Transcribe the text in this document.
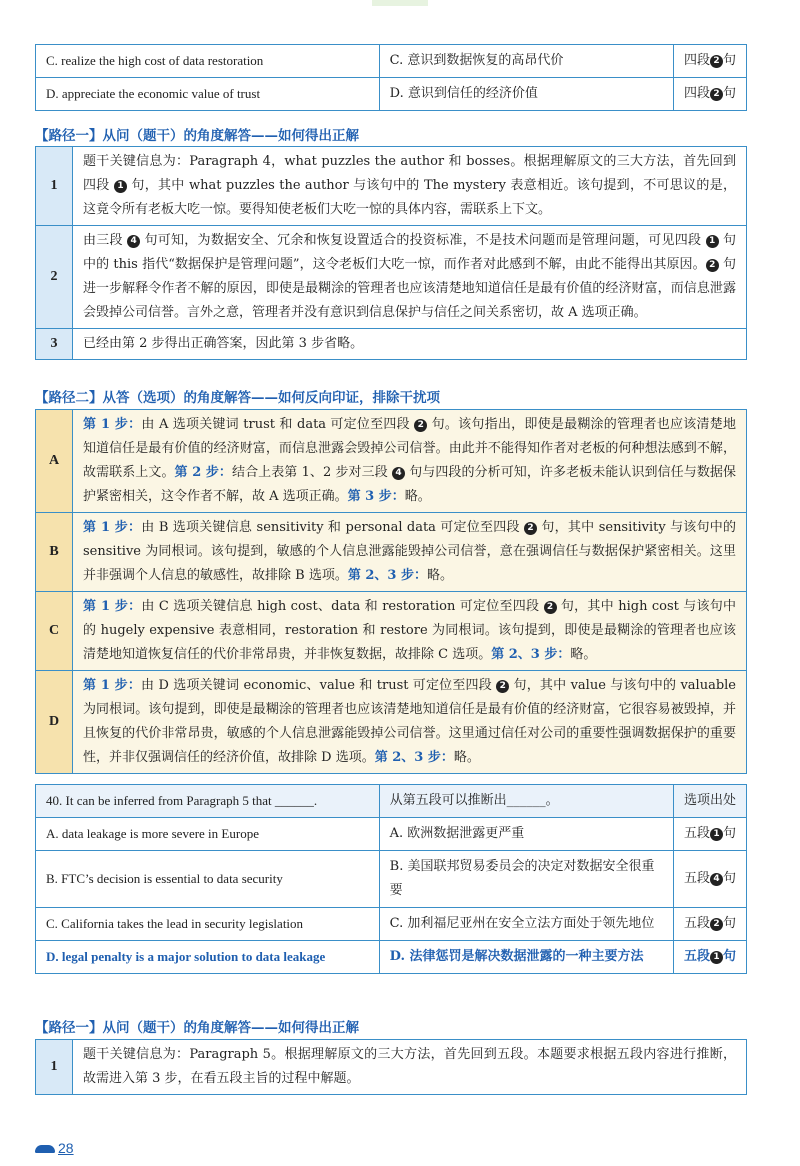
C. realize the high cost of data restoration	C. 意识到数据恢复的高昂代价	四段 2 句
D. appreciate the economic value of trust	D. 意识到信任的经济价值	四段 2 句

【路径一】从问（题干）的角度解答——如何得出正解

1	题干关键信息为：Paragraph 4，what puzzles the author 和 bosses。根据理解原文的三大方法，首先回到四段 1 句，其中 what puzzles the author 与该句中的 The mystery 表意相近。该句提到，不可思议的是，这竟令所有老板大吃一惊。要得知使老板们大吃一惊的具体内容，需联系上下文。
2	由三段 4 句可知，为数据安全、冗余和恢复设置适合的投资标准，不是技术问题而是管理问题，可见四段 1 句中的 this 指代“数据保护是管理问题”，这令老板们大吃一惊，而作者对此感到不解，由此不能得出其原因。 2 句进一步解释令作者不解的原因，即使是最糊涂的管理者也应该清楚地知道信任是最有价值的经济财富，而信息泄露会毁掉公司信誉。言外之意，管理者并没有意识到信息保护与信任之间关系密切，故 A 选项正确。
3	已经由第 2 步得出正确答案，因此第 3 步省略。

【路径二】从答（选项）的角度解答——如何反向印证，排除干扰项

A	第 1 步：由 A 选项关键词 trust 和 data 可定位至四段 2 句。该句指出，即使是最糊涂的管理者也应该清楚地知道信任是最有价值的经济财富，而信息泄露会毁掉公司信誉。由此并不能得知作者对老板的何种想法感到不解，故需联系上文。第 2 步：结合上表第 1、2 步对三段 4 句与四段的分析可知，许多老板未能认识到信任与数据保护紧密相关，这令作者不解，故 A 选项正确。第 3 步：略。
B	第 1 步：由 B 选项关键信息 sensitivity 和 personal data 可定位至四段 2 句，其中 sensitivity 与该句中的 sensitive 为同根词。该句提到，敏感的个人信息泄露能毁掉公司信誉，意在强调信任与数据保护紧密相关。这里并非强调个人信息的敏感性，故排除 B 选项。第 2、3 步：略。
C	第 1 步：由 C 选项关键信息 high cost、data 和 restoration 可定位至四段 2 句，其中 high cost 与该句中的 hugely expensive 表意相同，restoration 和 restore 为同根词。该句提到，即使是最糊涂的管理者也应该清楚地知道恢复信任的代价非常昂贵，并非恢复数据，故排除 C 选项。第 2、3 步：略。
D	第 1 步：由 D 选项关键词 economic、value 和 trust 可定位至四段 2 句，其中 value 与该句中的 valuable 为同根词。该句提到，即使是最糊涂的管理者也应该清楚地知道信任是最有价值的经济财富，它很容易被毁掉，并且恢复的代价非常昂贵，敏感的个人信息泄露能毁掉公司信誉。这里通过信任对公司的重要性强调数据保护的重要性，并非仅强调信任的经济价值，故排除 D 选项。第 2、3 步：略。
40. It can be inferred from Paragraph 5 that ______.	从第五段可以推断出______。	选项出处
A. data leakage is more severe in Europe	A. 欧洲数据泄露更严重	五段 1 句
B. FTC’s decision is essential to data security	B. 美国联邦贸易委员会的决定对数据安全很重要	五段 4 句
C. California takes the lead in security legislation	C. 加利福尼亚州在安全立法方面处于领先地位	五段 2 句
D. legal penalty is a major solution to data leakage	D. 法律惩罚是解决数据泄露的一种主要方法	五段 1 句

【路径一】从问（题干）的角度解答——如何得出正解

1	题干关键信息为：Paragraph 5。根据理解原文的三大方法，首先回到五段。本题要求根据五段内容进行推断，故需进入第 3 步，在看五段主旨的过程中解题。
28
